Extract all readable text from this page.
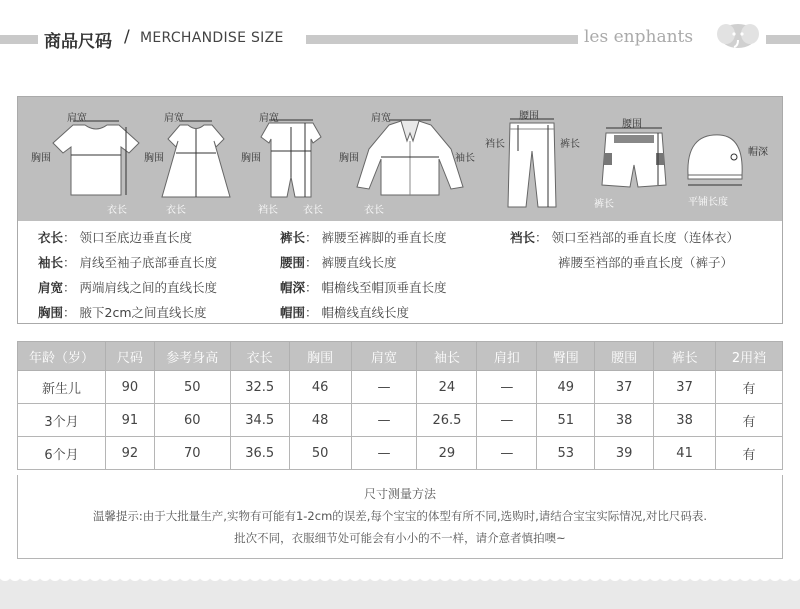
商品尺码 / MERCHANDISE SIZE	les enphants
肩宽
胸围
衣长
肩宽
胸围
衣长
肩宽
胸围
裆长	衣长
肩宽
胸围	袖长
衣长
腰围
裆长	裤长
腰围
裤长
帽深
平铺长度
衣长： 领口至底边垂直长度
袖长： 肩线至袖子底部垂直长度
肩宽： 两端肩线之间的直线长度
胸围： 腋下2cm之间直线长度
裤长： 裤腰至裤脚的垂直长度
腰围： 裤腰直线长度
帽深： 帽檐线至帽顶垂直长度
帽围： 帽檐线直线长度
裆长： 领口至裆部的垂直长度（连体衣）
裤腰至裆部的垂直长度（裤子）
年龄（岁）	尺码	参考身高	衣长	胸围	肩宽	袖长	肩扣	臀围	腰围	裤长	2用裆
新生儿	90	50	32.5	46	—	24	—	49	37	37	有
3个月	91	60	34.5	48	—	26.5	—	51	38	38	有
6个月	92	70	36.5	50	—	29	—	53	39	41	有
尺寸测量方法
温馨提示:由于大批量生产,实物有可能有1-2cm的误差,每个宝宝的体型有所不同,选购时,请结合宝宝实际情况,对比尺码表.
批次不同，衣服细节处可能会有小小的不一样，请介意者慎拍噢~
